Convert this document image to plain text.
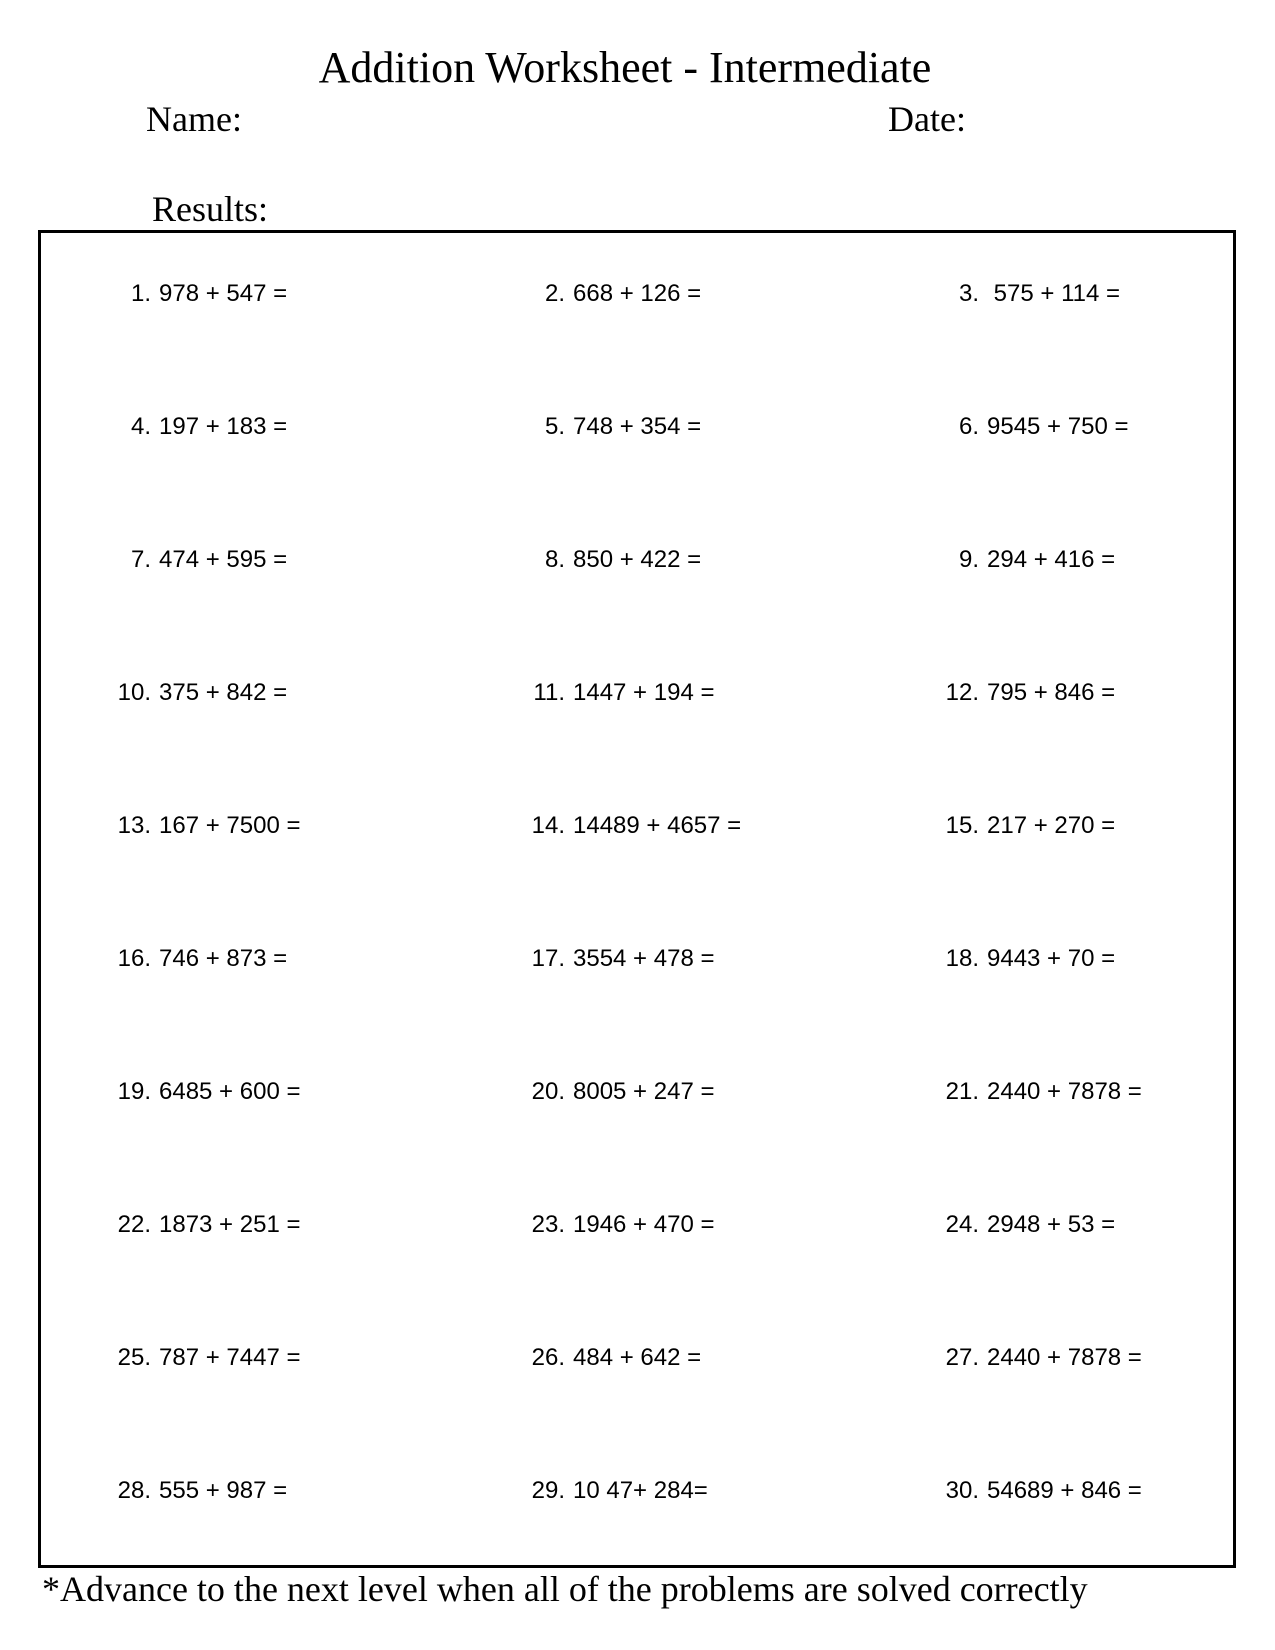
Addition Worksheet - Intermediate
Name:	Date:
Results:
1. 978 + 547 =	2. 668 + 126 =	3. 575 + 114 =
4. 197 + 183 =	5. 748 + 354 =	6. 9545 + 750 =
7. 474 + 595 =	8. 850 + 422 =	9. 294 + 416 =
10. 375 + 842 =	11. 1447 + 194 =	12. 795 + 846 =
13. 167 + 7500 =	14. 14489 + 4657 =	15. 217 + 270 =
16. 746 + 873 =	17. 3554 + 478 =	18. 9443 + 70 =
19. 6485 + 600 =	20. 8005 + 247 =	21. 2440 + 7878 =
22. 1873 + 251 =	23. 1946 + 470 =	24. 2948 + 53 =
25. 787 + 7447 =	26. 484 + 642 =	27. 2440 + 7878 =
28. 555 + 987 =	29. 10 47+ 284=	30. 54689 + 846 =
*Advance to the next level when all of the problems are solved correctly
